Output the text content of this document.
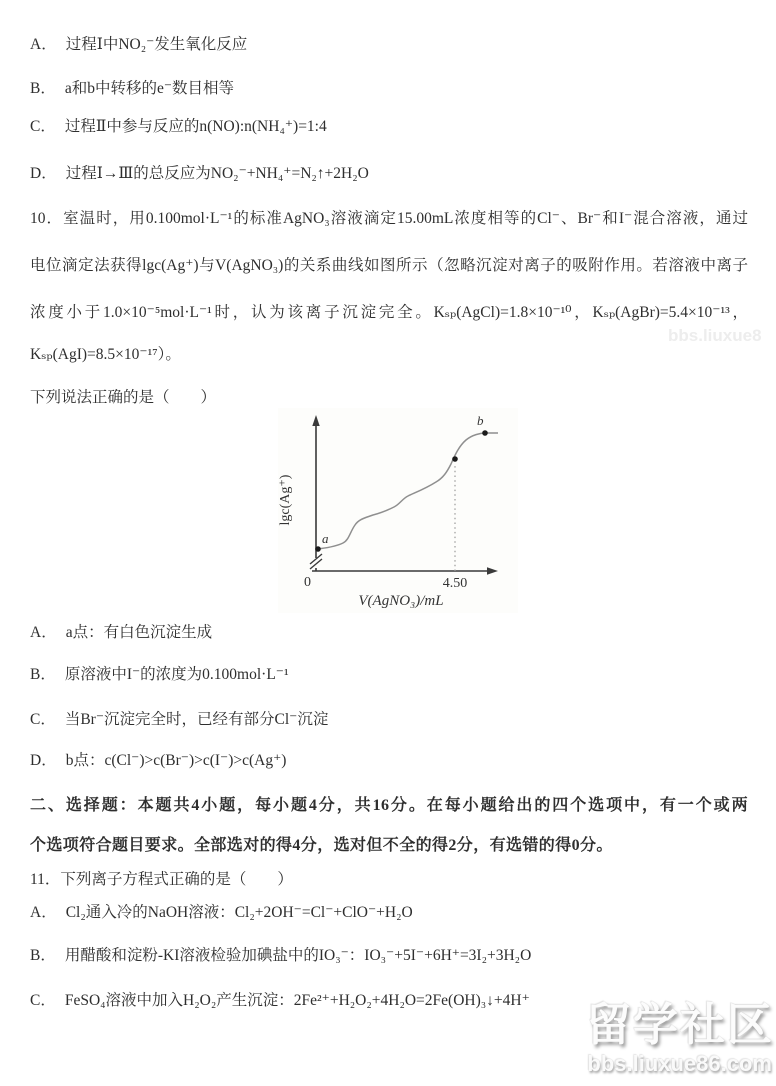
A． 过程Ⅰ中NO₂⁻发生氧化反应
B． a和b中转移的e⁻数目相等
C． 过程Ⅱ中参与反应的n(NO):n(NH₄⁺)=1:4
D． 过程Ⅰ→Ⅲ的总反应为NO₂⁻+NH₄⁺=N₂↑+2H₂O
10．室温时，用0.100mol·L⁻¹的标准AgNO₃溶液滴定15.00mL浓度相等的Cl⁻、Br⁻和I⁻混合溶液，通过
电位滴定法获得lgc(Ag⁺)与V(AgNO₃)的关系曲线如图所示（忽略沉淀对离子的吸附作用。若溶液中离子
浓度小于1.0×10⁻⁵mol·L⁻¹时，认为该离子沉淀完全。Kₛₚ(AgCl)=1.8×10⁻¹⁰，Kₛₚ(AgBr)=5.4×10⁻¹³，
Kₛₚ(AgI)=8.5×10⁻¹⁷）。
下列说法正确的是（　　）
a
b
0	4.50
V(AgNO₃)/mL
lgc(Ag⁺)
A． a点：有白色沉淀生成
B． 原溶液中I⁻的浓度为0.100mol·L⁻¹
C． 当Br⁻沉淀完全时，已经有部分Cl⁻沉淀
D． b点：c(Cl⁻)>c(Br⁻)>c(I⁻)>c(Ag⁺)
二、选择题：本题共4小题，每小题4分，共16分。在每小题给出的四个选项中，有一个或两
个选项符合题目要求。全部选对的得4分，选对但不全的得2分，有选错的得0分。
11．下列离子方程式正确的是（　　）
A． Cl₂通入冷的NaOH溶液：Cl₂+2OH⁻=Cl⁻+ClO⁻+H₂O
B． 用醋酸和淀粉-KI溶液检验加碘盐中的IO₃⁻：IO₃⁻+5I⁻+6H⁺=3I₂+3H₂O
C． FeSO₄溶液中加入H₂O₂产生沉淀：2Fe²⁺+H₂O₂+4H₂O=2Fe(OH)₃↓+4H⁺
bbs.liuxue8
留学社区
bbs.liuxue86.com
